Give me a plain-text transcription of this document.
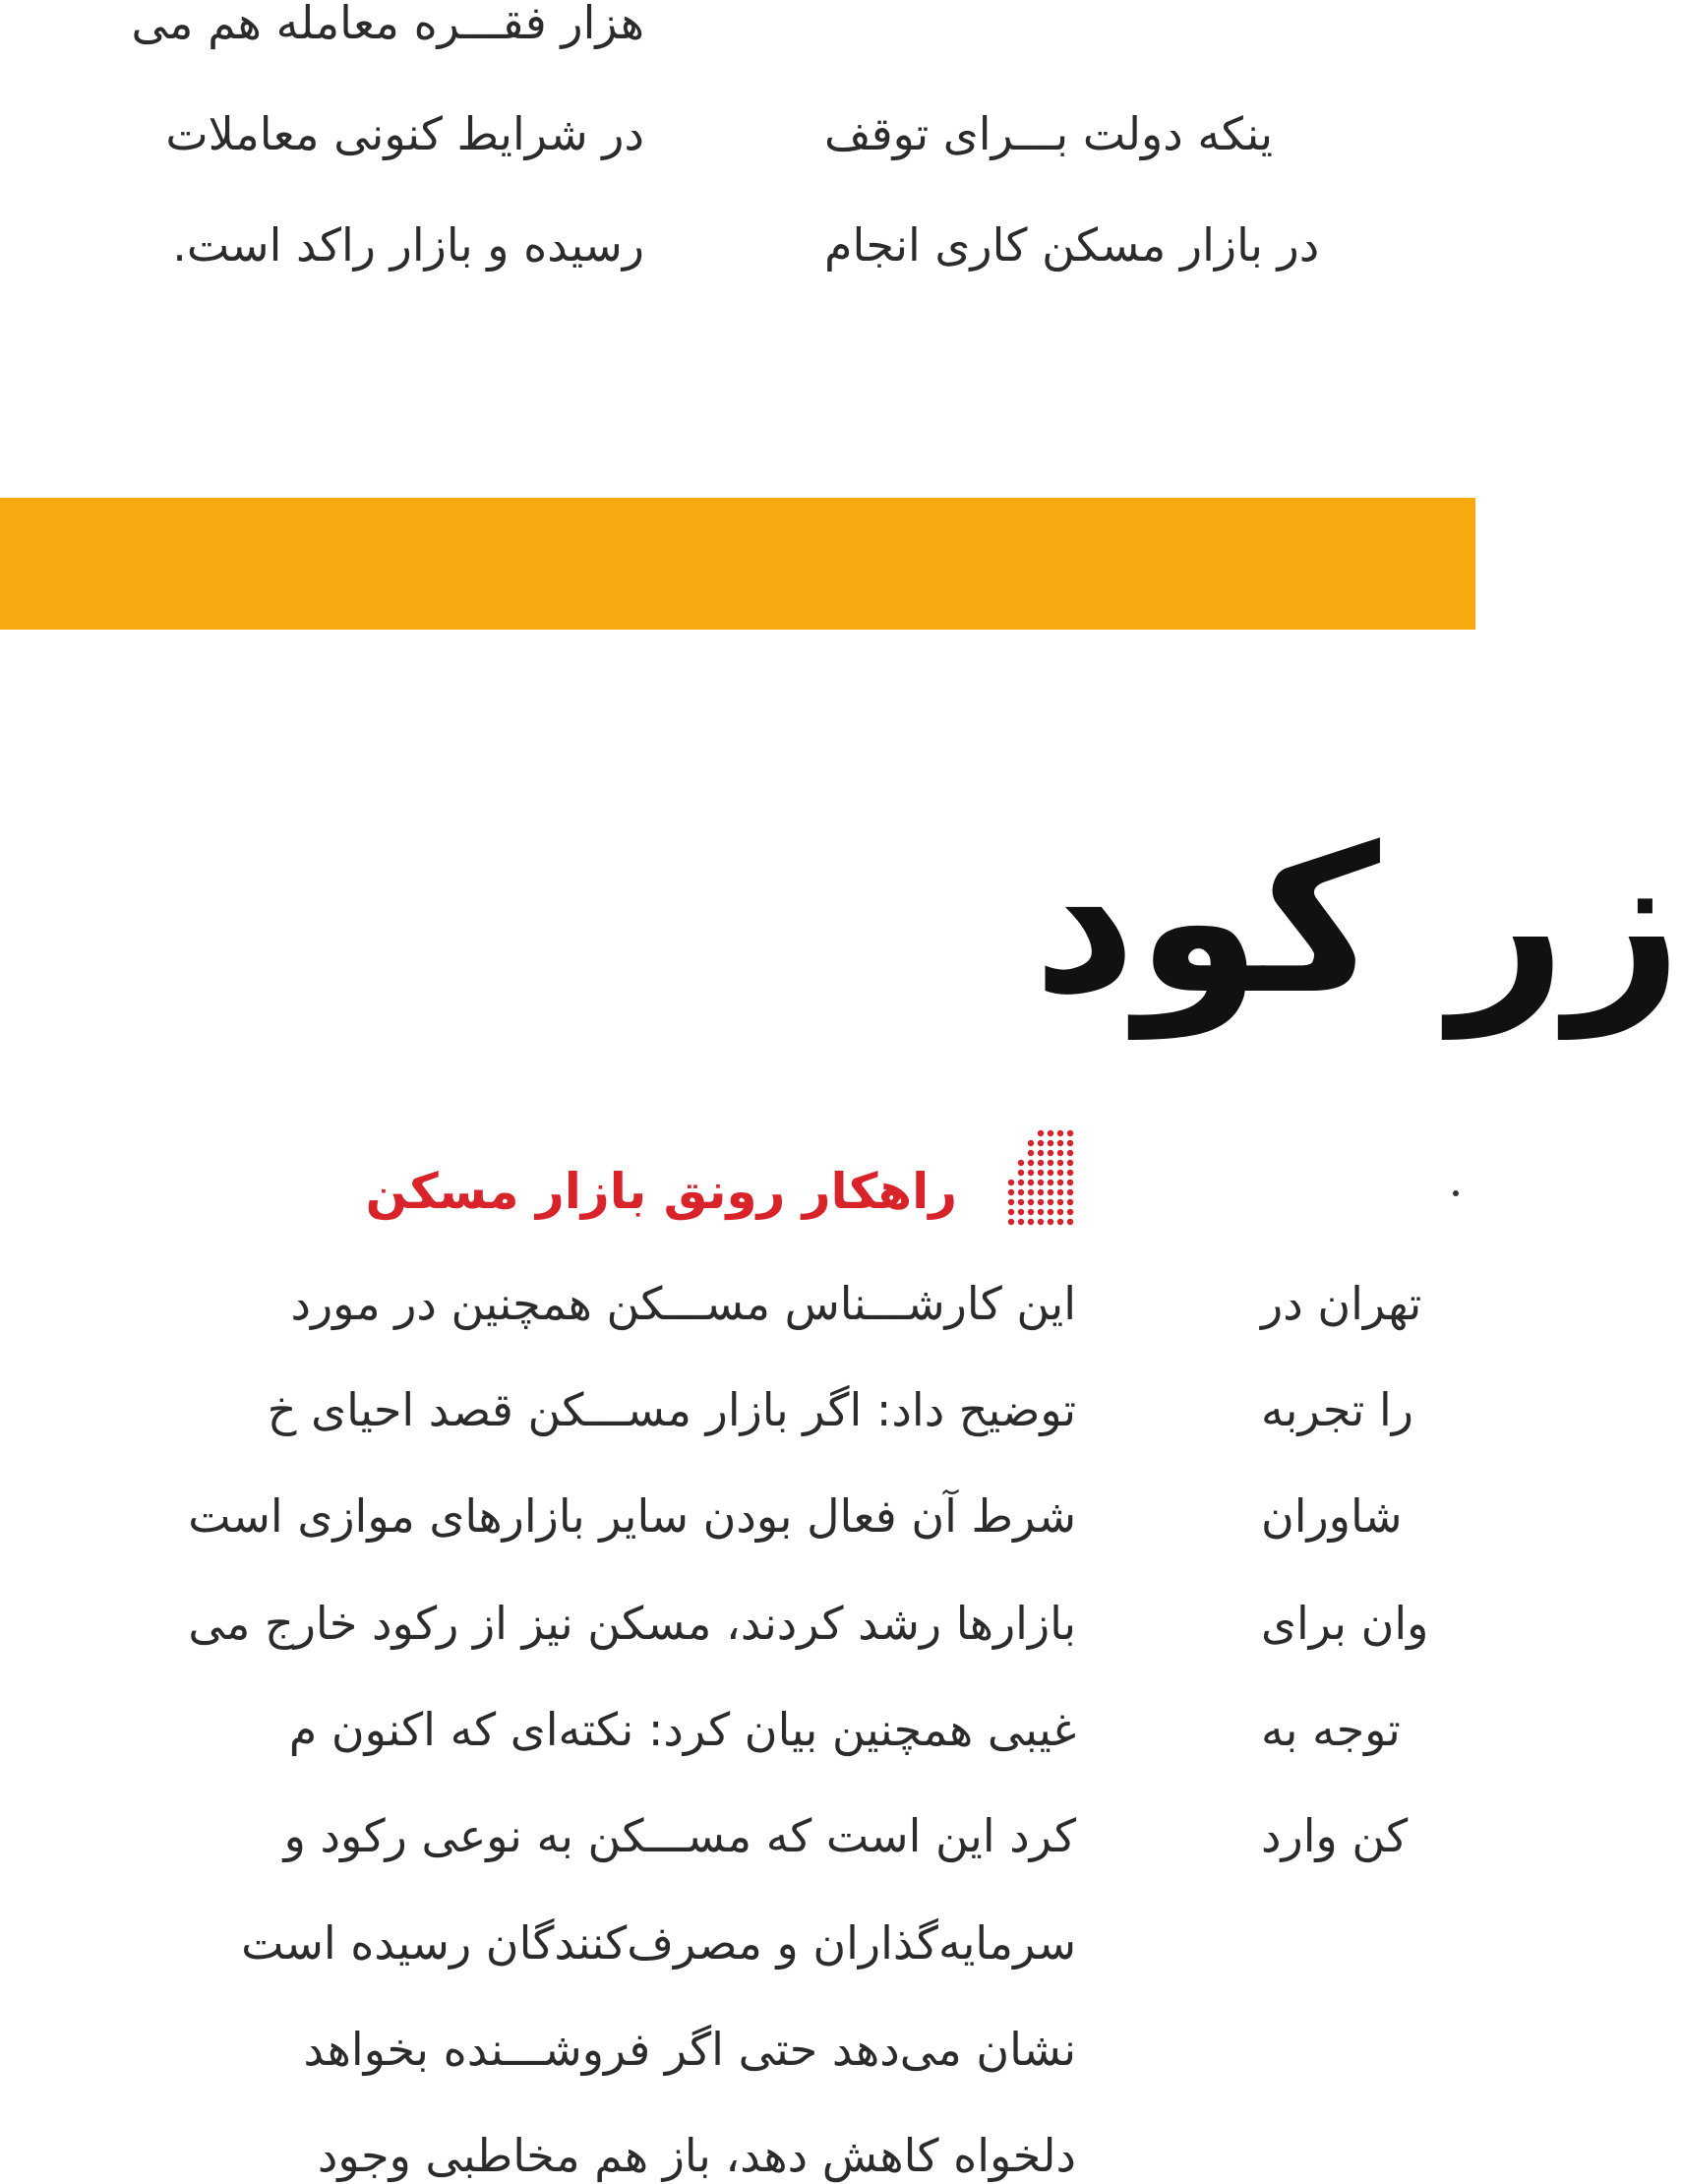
هزار فقـــره معامله هم می
در شرایط کنونی معاملات
رسیده و بازار راکد است.
ینکه دولت بـــرای توقف
در بازار مسکن کاری انجام
زر کود
راهکار رونق بازار مسکن
این کارشـــناس مســـکن همچنین در مورد
توضیح داد: اگر بازار مســـکن قصد احیای خ
شرط آن فعال بودن سایر بازارهای موازی است
بازارها رشد کردند، مسکن نیز از رکود خارج می
غیبی همچنین بیان کرد: نکته‌ای که اکنون م
کرد این است که مســـکن به نوعی رکود و
سرمایه‌گذاران و مصرف‌کنندگان رسیده است
نشان می‌دهد حتی اگر فروشـــنده بخواهد
دلخواه کاهش دهد، باز هم مخاطبی وجود
تهران در
را تجربه
شاوران
وان برای
توجه به
کن وارد
